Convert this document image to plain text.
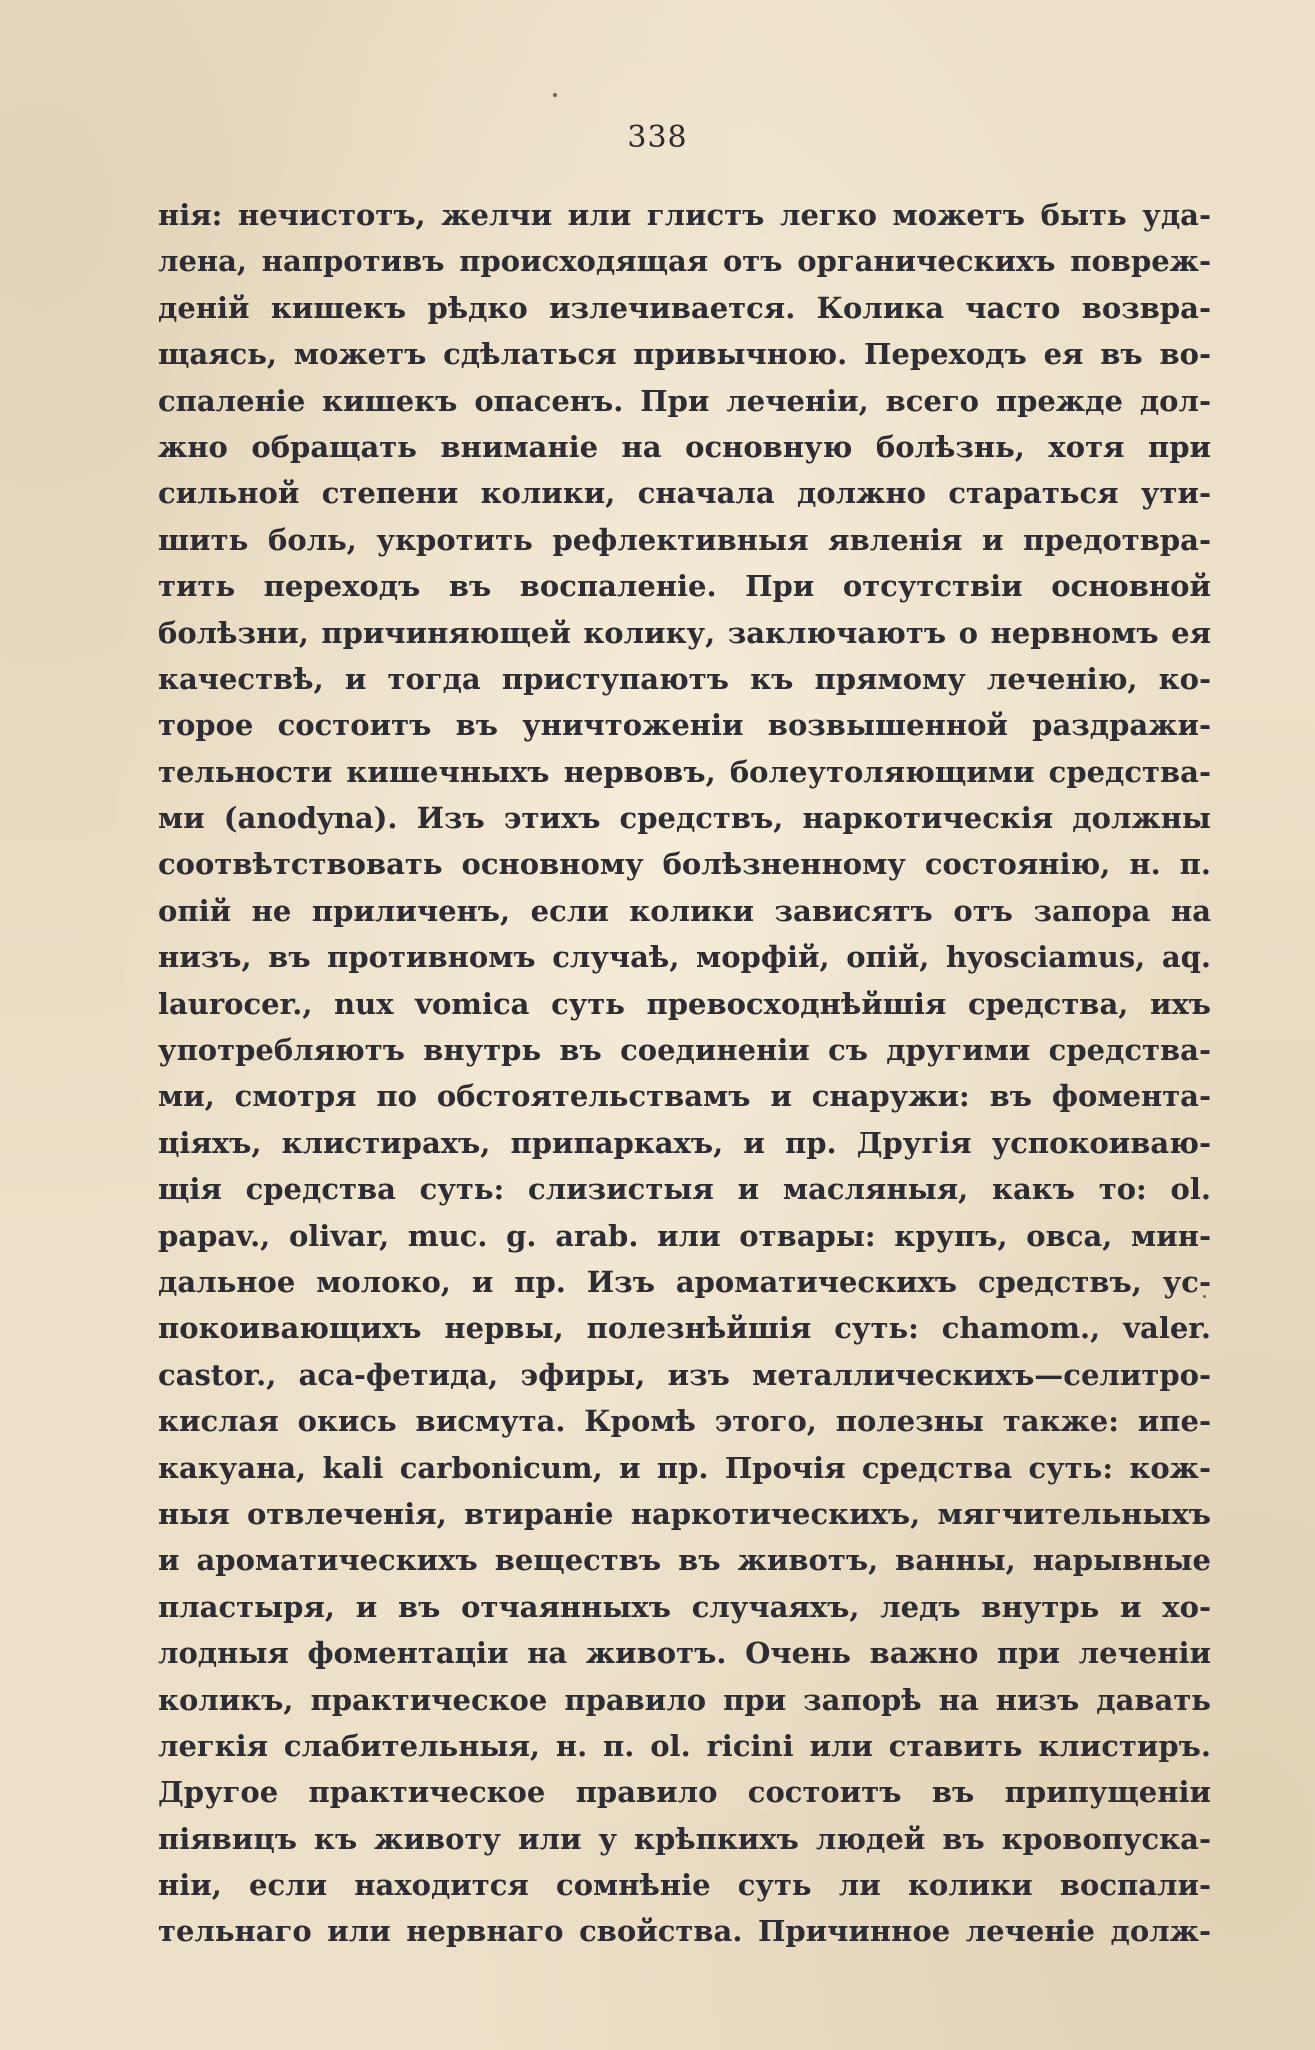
338
нія: нечистотъ, желчи или глистъ легко можетъ быть уда-
лена, напротивъ происходящая отъ органическихъ повреж-
деній кишекъ рѣдко излечивается. Колика часто возвра-
щаясь, можетъ сдѣлаться привычною. Переходъ ея въ во-
спаленіе кишекъ опасенъ. При леченіи, всего прежде дол-
жно обращать вниманіе на основную болѣзнь, хотя при
сильной степени колики, сначала должно стараться ути-
шить боль, укротить рефлективныя явленія и предотвра-
тить переходъ въ воспаленіе. При отсутствіи основной
болѣзни, причиняющей колику, заключаютъ о нервномъ ея
качествѣ, и тогда приступаютъ къ прямому леченію, ко-
торое состоитъ въ уничтоженіи возвышенной раздражи-
тельности кишечныхъ нервовъ, болеутоляющими средства-
ми (anodyna). Изъ этихъ средствъ, наркотическія должны
соотвѣтствовать основному болѣзненному состоянію, н. п.
опій не приличенъ, если колики зависятъ отъ запора на
низъ, въ противномъ случаѣ, морфій, опій, hyosciamus, aq.
laurocer., nux vomica суть превосходнѣйшія средства, ихъ
употребляютъ внутрь въ соединеніи съ другими средства-
ми, смотря по обстоятельствамъ и снаружи: въ фомента-
ціяхъ, клистирахъ, припаркахъ, и пр. Другія успокоиваю-
щія средства суть: слизистыя и масляныя, какъ то: ol.
papav., olivar, muc. g. arab. или отвары: крупъ, овса, мин-
дальное молоко, и пр. Изъ ароматическихъ средствъ, ус-
покоивающихъ нервы, полезнѣйшія суть: chamom., valer.
castor., аса-фетида, эфиры, изъ металлическихъ—селитро-
кислая окись висмута. Кромѣ этого, полезны также: ипе-
какуана, kali carbonicum, и пр. Прочія средства суть: кож-
ныя отвлеченія, втираніе наркотическихъ, мягчительныхъ
и ароматическихъ веществъ въ животъ, ванны, нарывные
пластыря, и въ отчаянныхъ случаяхъ, ледъ внутрь и хо-
лодныя фоментаціи на животъ. Очень важно при леченіи
коликъ, практическое правило при запорѣ на низъ давать
легкія слабительныя, н. п. ol. ricini или ставить клистиръ.
Другое практическое правило состоитъ въ припущеніи
піявицъ къ животу или у крѣпкихъ людей въ кровопуска-
ніи, если находится сомнѣніе суть ли колики воспали-
тельнаго или нервнаго свойства. Причинное леченіе долж-
